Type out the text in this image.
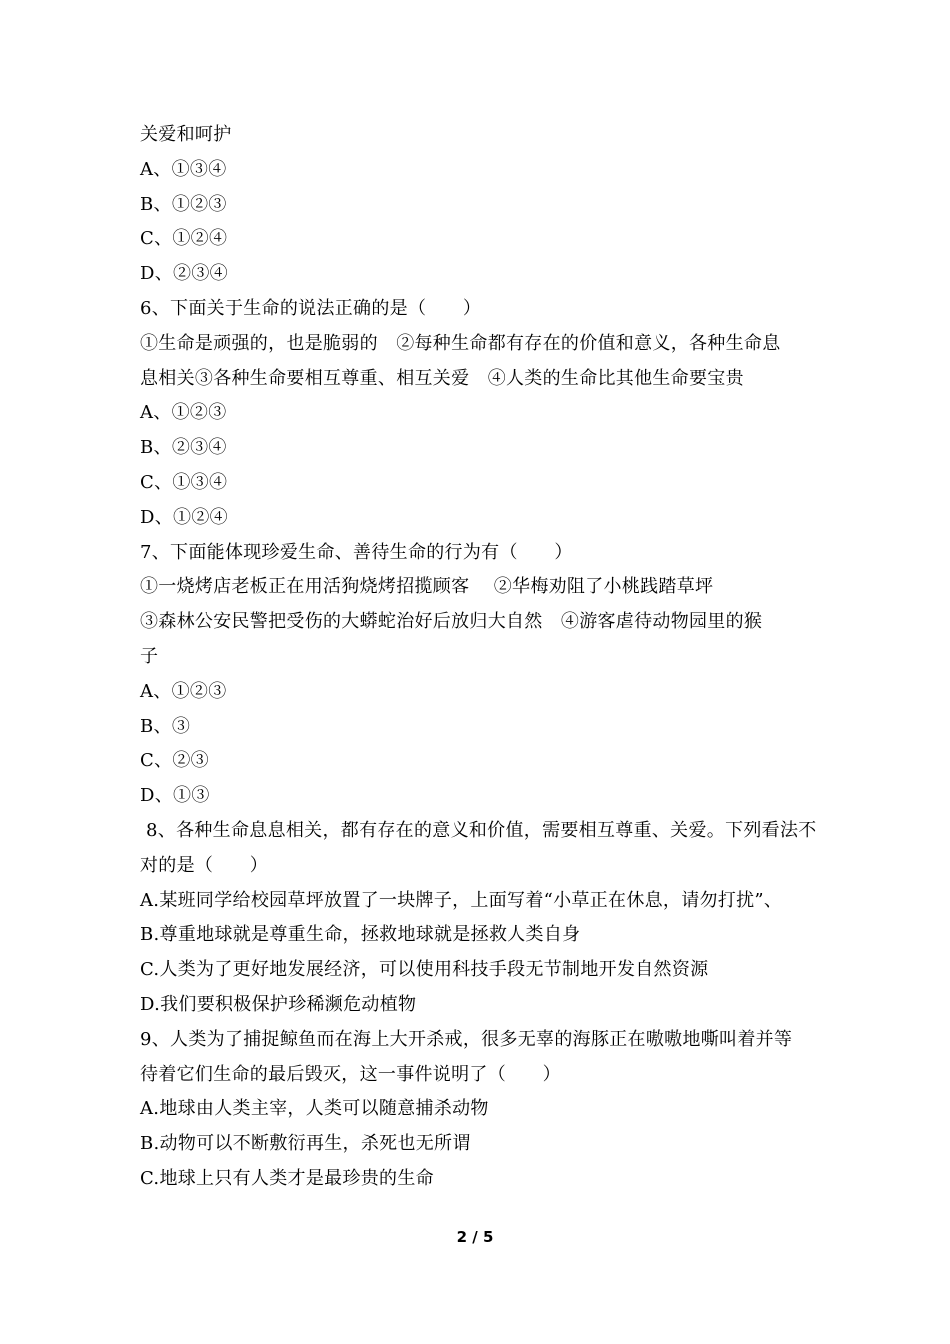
关爱和呵护
A、①③④
B、①②③
C、①②④
D、②③④
6、下面关于生命的说法正确的是（　　）
①生命是顽强的，也是脆弱的　②每种生命都有存在的价值和意义，各种生命息
息相关③各种生命要相互尊重、相互关爱　④人类的生命比其他生命要宝贵
A、①②③
B、②③④
C、①③④
D、①②④
7、下面能体现珍爱生命、善待生命的行为有（　　）
①一烧烤店老板正在用活狗烧烤招揽顾客　 ②华梅劝阻了小桃践踏草坪
③森林公安民警把受伤的大蟒蛇治好后放归大自然　④游客虐待动物园里的猴
子
A、①②③
B、③
C、②③
D、①③
8、各种生命息息相关，都有存在的意义和价值，需要相互尊重、关爱。下列看法不
对的是（　　）
A.某班同学给校园草坪放置了一块牌子，上面写着“小草正在休息，请勿打扰”、
B.尊重地球就是尊重生命，拯救地球就是拯救人类自身
C.人类为了更好地发展经济，可以使用科技手段无节制地开发自然资源
D.我们要积极保护珍稀濒危动植物
9、人类为了捕捉鲸鱼而在海上大开杀戒，很多无辜的海豚正在嗷嗷地嘶叫着并等
待着它们生命的最后毁灭，这一事件说明了（　　）
A.地球由人类主宰，人类可以随意捕杀动物
B.动物可以不断敷衍再生，杀死也无所谓
C.地球上只有人类才是最珍贵的生命
2 / 5
